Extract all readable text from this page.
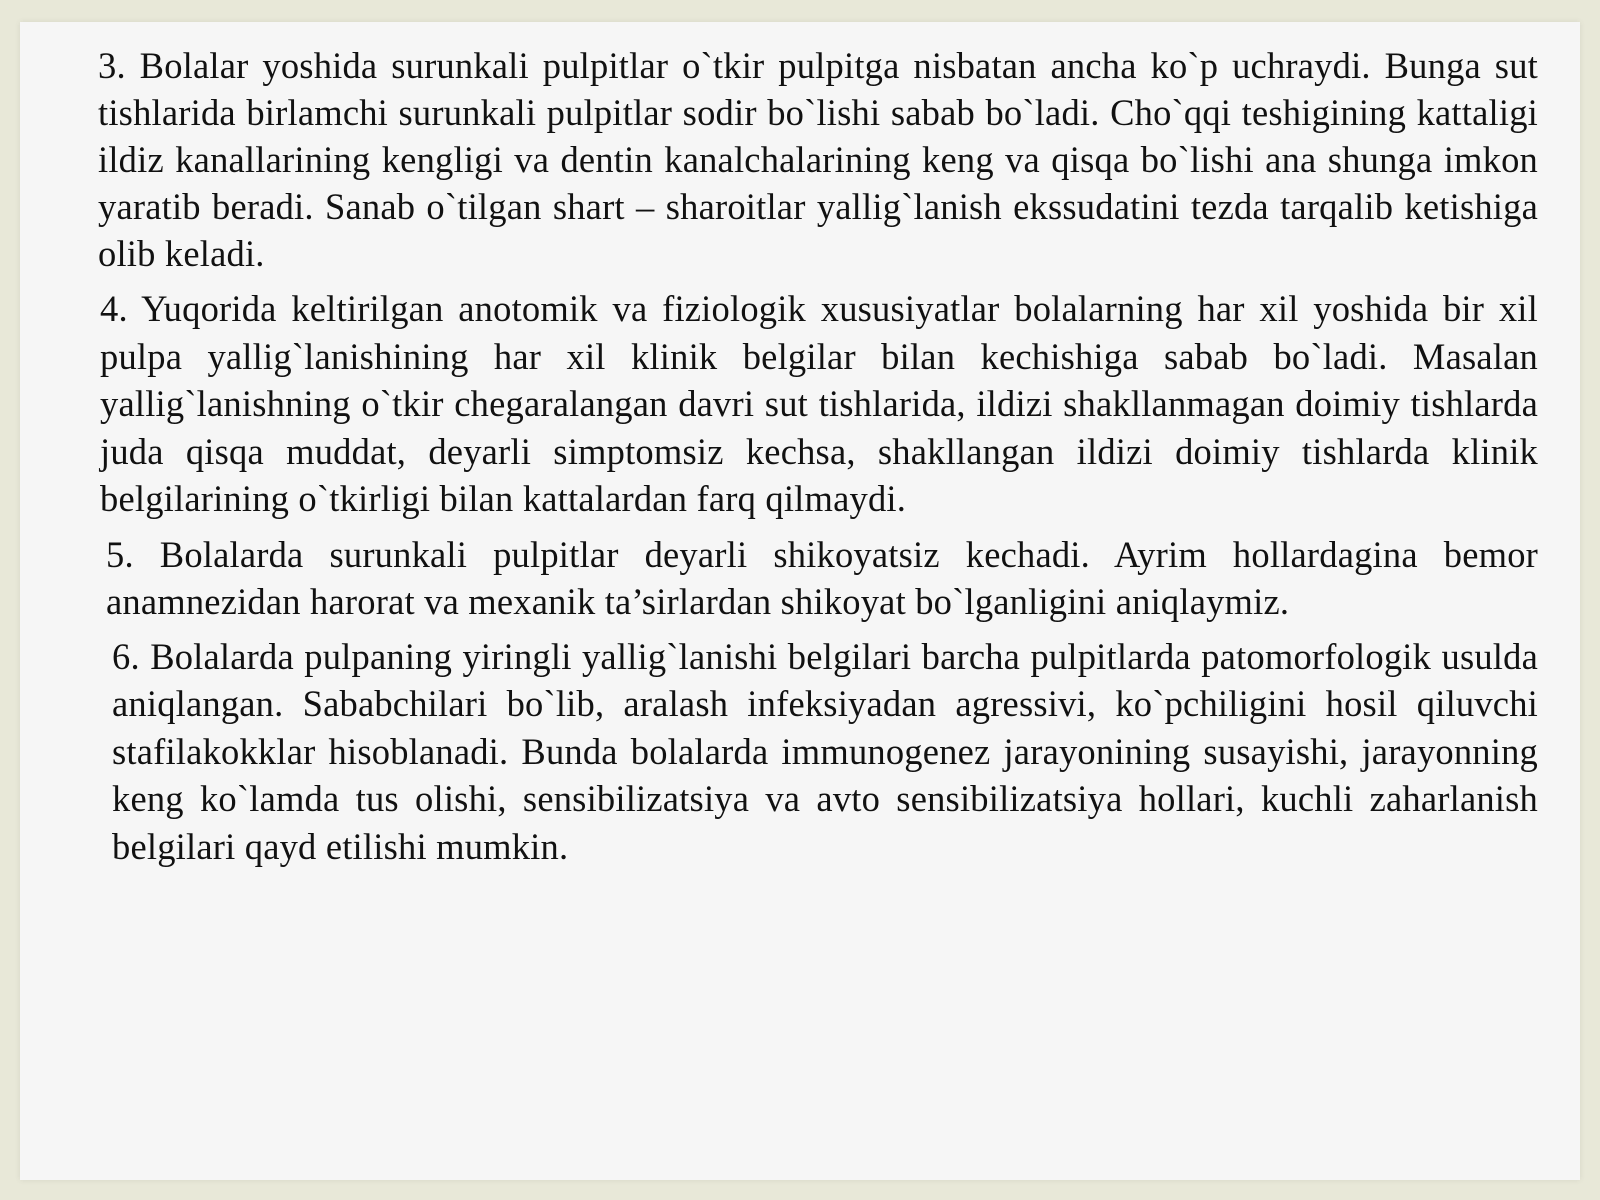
3. Bolalar yoshida surunkali pulpitlar o`tkir pulpitga nisbatan ancha ko`p uchraydi. Bunga sut tishlarida birlamchi surunkali pulpitlar sodir bo`lishi sabab bo`ladi. Cho`qqi teshigining kattaligi ildiz kanallarining kengligi va dentin kanalchalarining keng va qisqa bo`lishi ana shunga imkon yaratib beradi. Sanab o`tilgan shart – sharoitlar yallig`lanish ekssudatini tezda tarqalib ketishiga olib keladi.

4. Yuqorida keltirilgan anotomik va fiziologik xususiyatlar bolalarning har xil yoshida bir xil pulpa yallig`lanishining har xil klinik belgilar bilan kechishiga sabab bo`ladi. Masalan yallig`lanishning o`tkir chegaralangan davri sut tishlarida, ildizi shakllanmagan doimiy tishlarda juda qisqa muddat, deyarli simptomsiz kechsa, shakllangan ildizi doimiy tishlarda klinik belgilarining o`tkirligi bilan kattalardan farq qilmaydi.

5. Bolalarda surunkali pulpitlar deyarli shikoyatsiz kechadi. Ayrim hollardagina bemor anamnezidan harorat va mexanik ta’sirlardan shikoyat bo`lganligini aniqlaymiz.

6. Bolalarda pulpaning yiringli yallig`lanishi belgilari barcha pulpitlarda patomorfologik usulda aniqlangan. Sababchilari bo`lib, aralash infeksiyadan agressivi, ko`pchiligini hosil qiluvchi stafilakokklar hisoblanadi. Bunda bolalarda immunogenez jarayonining susayishi, jarayonning keng ko`lamda tus olishi, sensibilizatsiya va avto sensibilizatsiya hollari, kuchli zaharlanish belgilari qayd etilishi mumkin.
